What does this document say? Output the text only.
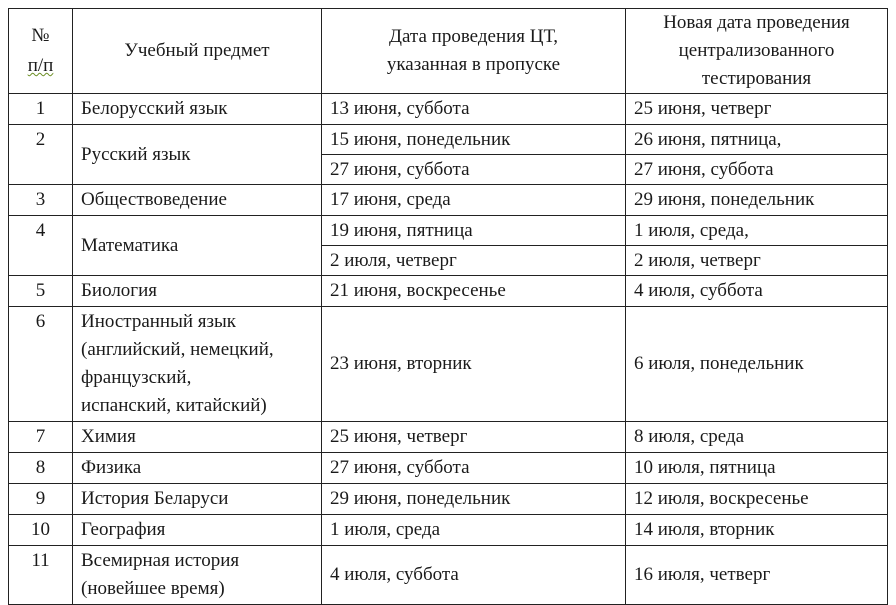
№
п/п	Учебный предмет	Дата проведения ЦТ, указанная в пропуске	Новая дата проведения централизованного тестирования
1	Белорусский язык	13 июня, суббота	25 июня, четверг
2	Русский язык	15 июня, понедельник	26 июня, пятница,
		27 июня, суббота	27 июня, суббота
3	Обществоведение	17 июня, среда	29 июня, понедельник
4	Математика	19 июня, пятница	1 июля, среда,
		2 июля, четверг	2 июля, четверг
5	Биология	21 июня, воскресенье	4 июля, суббота
6	Иностранный язык
(английский, немецкий,
французский,
испанский, китайский)	23 июня, вторник	6 июля, понедельник
7	Химия	25 июня, четверг	8 июля, среда
8	Физика	27 июня, суббота	10 июля, пятница
9	История Беларуси	29 июня, понедельник	12 июля, воскресенье
10	География	1 июля, среда	14 июля, вторник
11	Всемирная история
(новейшее время)	4 июля, суббота	16 июля, четверг
